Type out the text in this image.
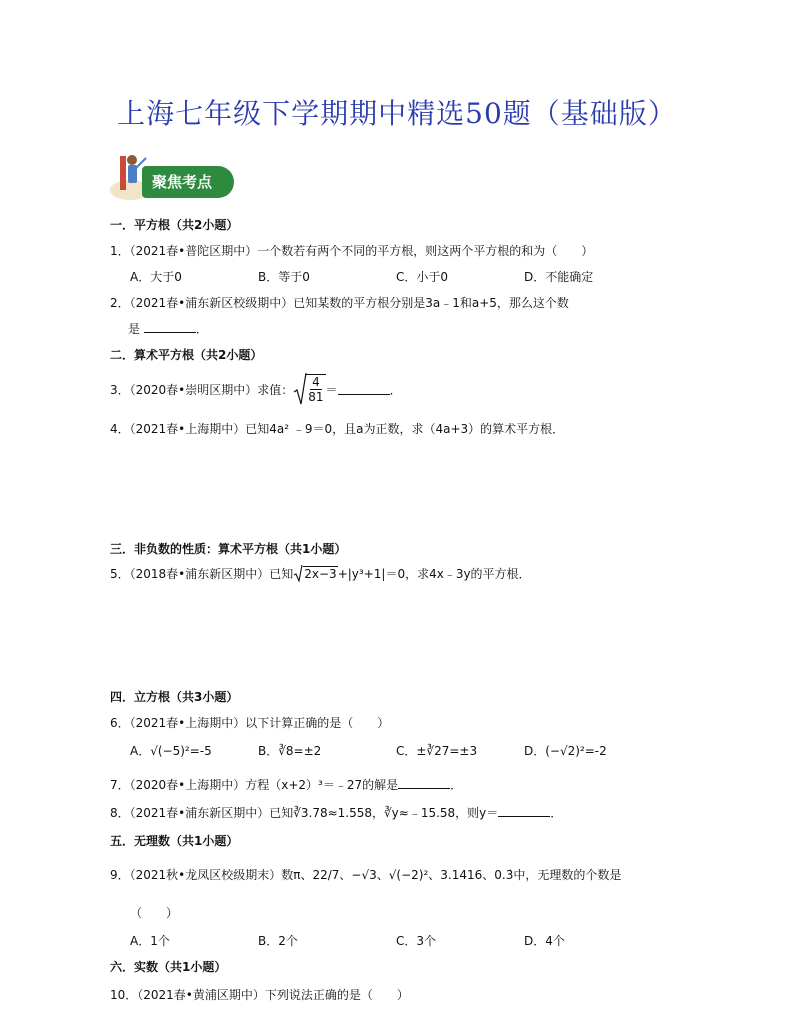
上海七年级下学期期中精选50题（基础版）
聚焦考点
一．平方根（共2小题）
1．（2021春•普陀区期中）一个数若有两个不同的平方根，则这两个平方根的和为（　　）
A．大于0	B．等于0	C．小于0	D．不能确定
2．（2021春•浦东新区校级期中）已知某数的平方根分别是3a﹣1和a+5，那么这个数
是	．
二．算术平方根（共2小题）
3．（2020春•崇明区期中）求值： $\frac{4}{81}$ ＝	．
4．（2021春•上海期中）已知4a² ﹣9＝0，且a为正数，求（4a+3）的算术平方根．
三．非负数的性质：算术平方根（共1小题）
5．（2018春•浦东新区期中）已知 2x−3 +|y³+1|＝0，求4x﹣3y的平方根．
四．立方根（共3小题）
6．（2021春•上海期中）以下计算正确的是（　　）
A．√(−5)²=-5	B．∛8=±2	C．±∛27=±3	D．(−√2)²=-2
7．（2020春•上海期中）方程（x+2）³＝﹣27的解是	．
8．（2021春•浦东新区期中）已知∛3.78≈1.558，∛y≈﹣15.58，则y＝	．
五．无理数（共1小题）
9．（2021秋•龙凤区校级期末）数π、22/7、−√3、√(−2)²、3.1416、0.3̇中，无理数的个数是
（　　）
A．1个	B．2个	C．3个	D．4个
六．实数（共1小题）
10．（2021春•黄浦区期中）下列说法正确的是（　　）
